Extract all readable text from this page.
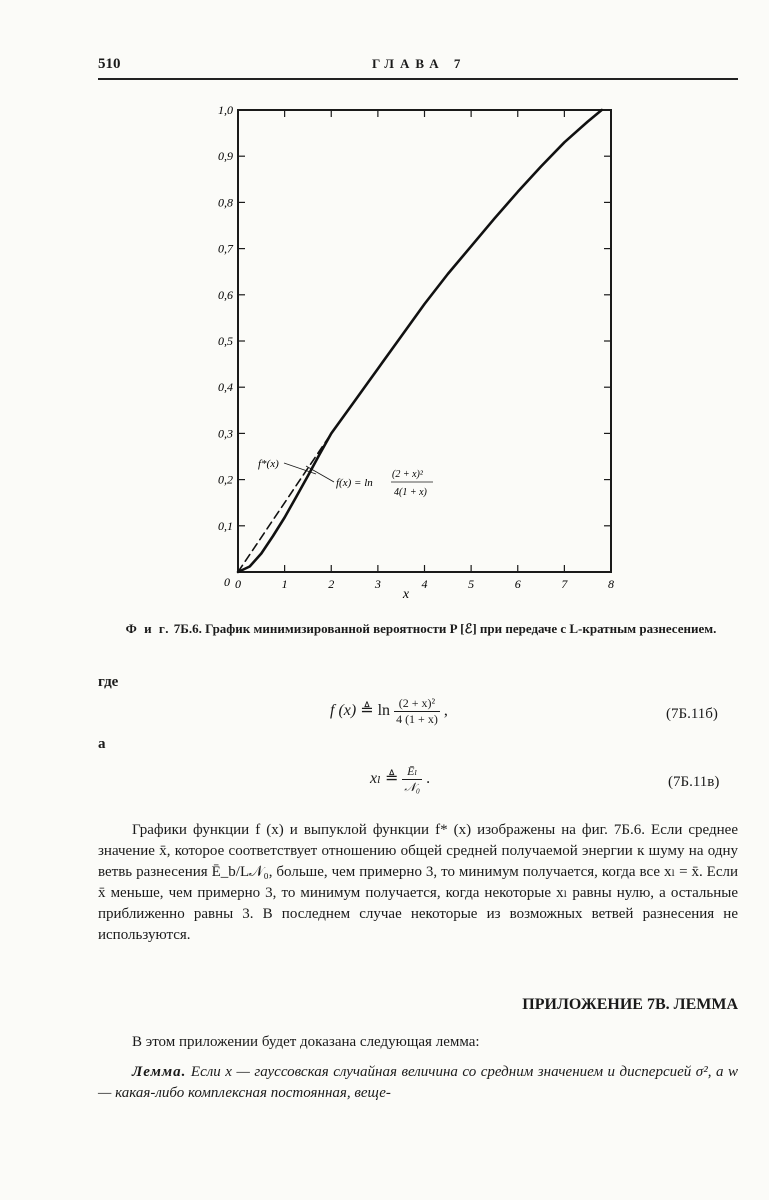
510	ГЛАВА 7
0	1	2	3	4	5	6	7	8
0,1
0,2
0,3
0,4
0,5
0,6
0,7
0,8
0,9
1,0
0
x
f*(x)
f(x) = ln
(2 + x)²
4(1 + x)
Ф и г. 7Б.6. График минимизированной вероятности P [ℰ] при передаче с L-кратным разнесением.
где
f (x) ≜ $\ln \frac{\text{(2 + x)²}}{4 (1 + x)}$ ,	(7Б.11б)
а
xₗ ≜ $\frac{\text{Ēₗ}}{\text{𝒩₀}}$ .	(7Б.11в)
Графики функции f (x) и выпуклой функции f* (x) изображены на фиг. 7Б.6. Если среднее значение x̄, которое соответствует отношению общей средней получаемой энергии к шуму на одну ветвь разнесения Ē_b/L𝒩₀, больше, чем примерно 3, то минимум получается, когда все xₗ = x̄. Если x̄ меньше, чем примерно 3, то минимум получается, когда некоторые xₗ равны нулю, а остальные приближенно равны 3. В последнем случае некоторые из возможных ветвей разнесения не используются.
ПРИЛОЖЕНИЕ 7В. ЛЕММА
В этом приложении будет доказана следующая лемма:
Лемма. Если x — гауссовская случайная величина со средним значением и дисперсией σ², а w — какая-либо комплексная постоянная, веще-
